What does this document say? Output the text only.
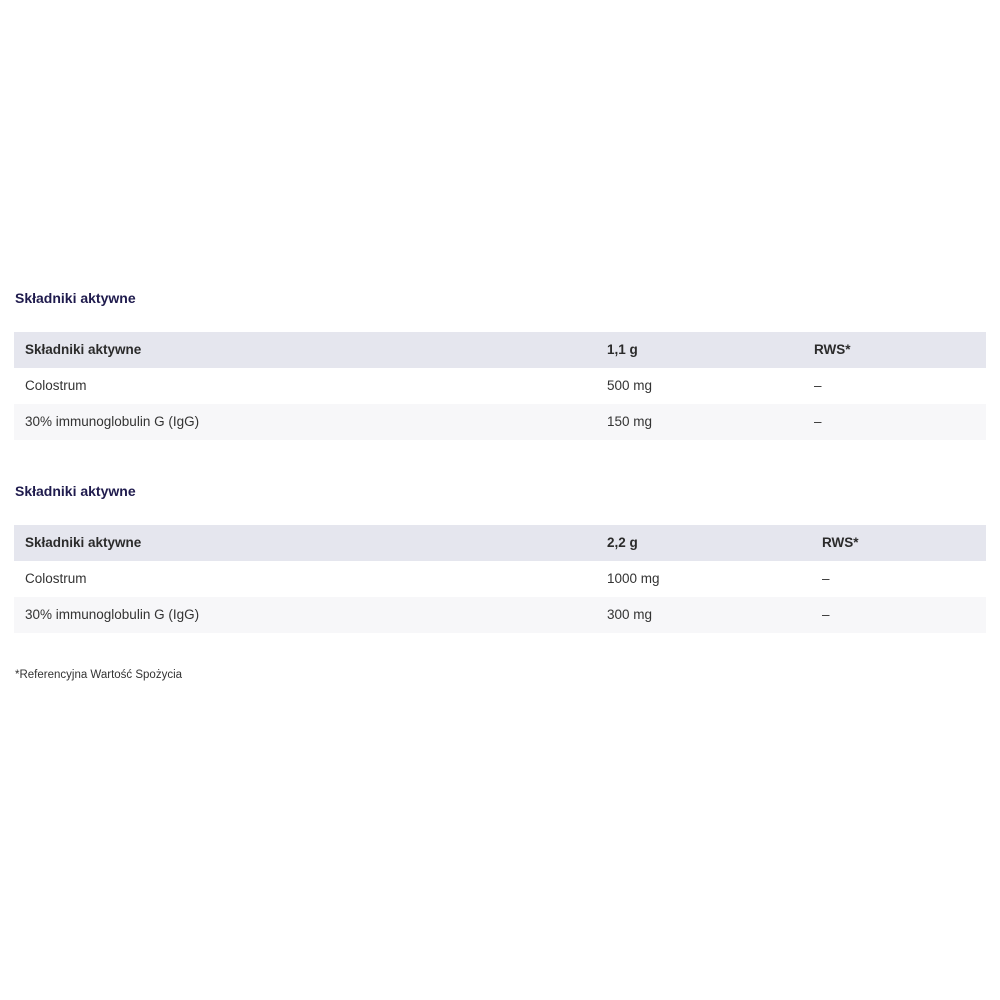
Składniki aktywne
Składniki aktywne	1,1 g	RWS*
Colostrum	500 mg	–
30% immunoglobulin G (IgG)	150 mg	–
Składniki aktywne
Składniki aktywne	2,2 g	RWS*
Colostrum	1000 mg	–
30% immunoglobulin G (IgG)	300 mg	–

*Referencyjna Wartość Spożycia
